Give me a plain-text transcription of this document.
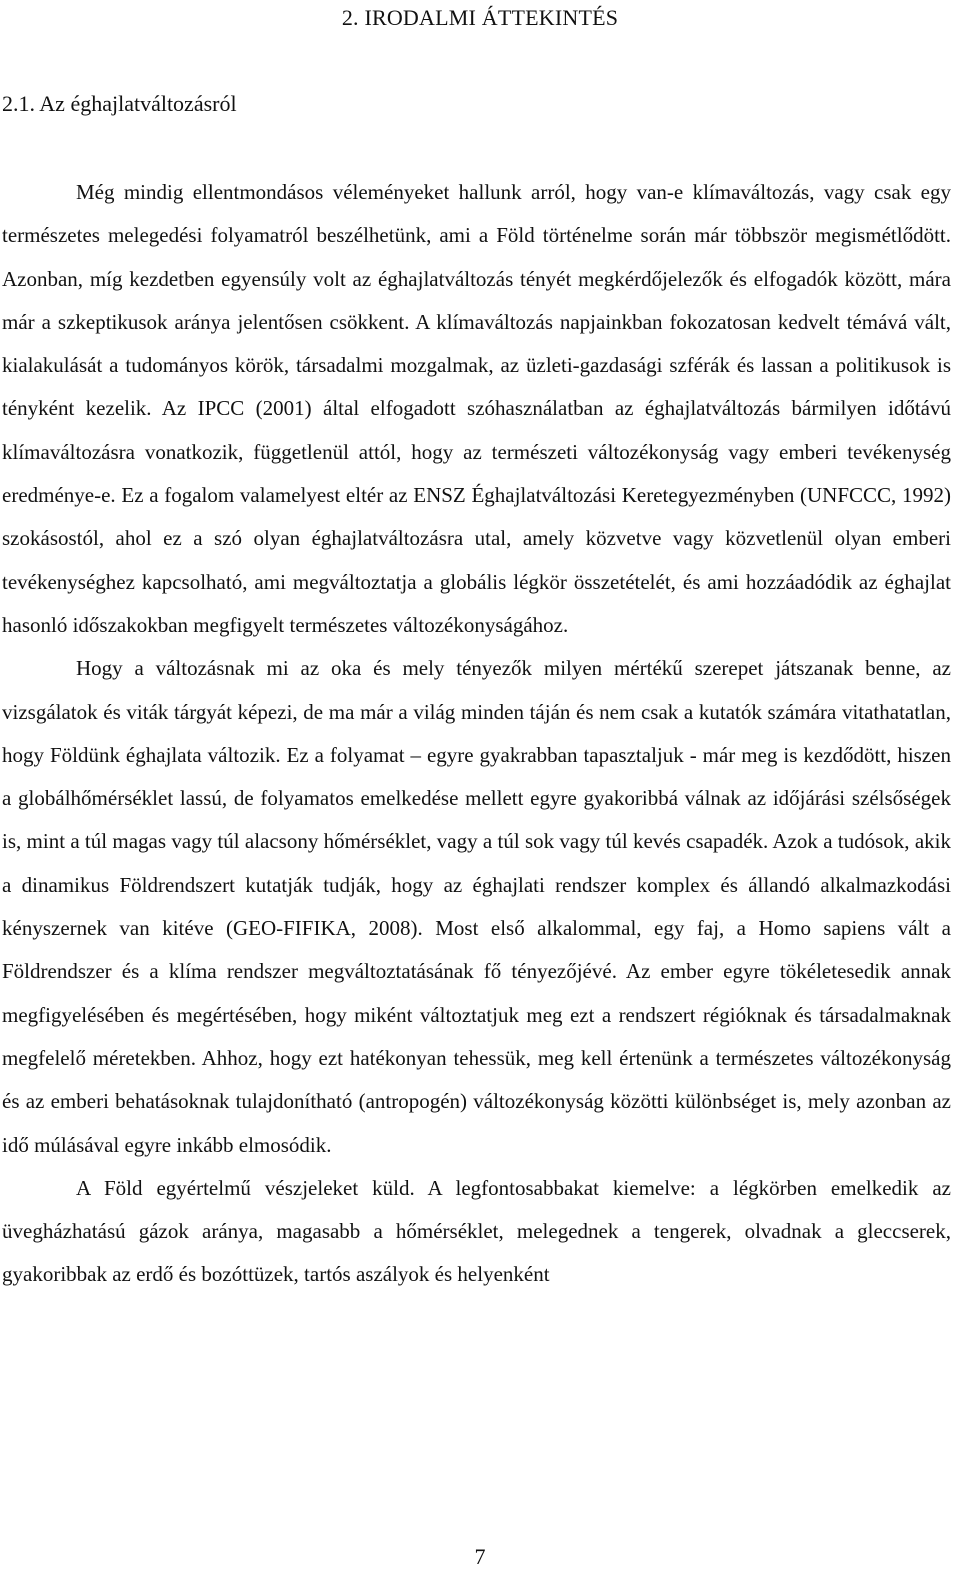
2. IRODALMI ÁTTEKINTÉS
2.1. Az éghajlatváltozásról

Még mindig ellentmondásos véleményeket hallunk arról, hogy van-e klímaváltozás, vagy csak egy természetes melegedési folyamatról beszélhetünk, ami a Föld történelme során már többször megismétlődött. Azonban, míg kezdetben egyensúly volt az éghajlatváltozás tényét megkérdőjelezők és elfogadók között, mára már a szkeptikusok aránya jelentősen csökkent. A klímaváltozás napjainkban fokozatosan kedvelt témává vált, kialakulását a tudományos körök, társadalmi mozgalmak, az üzleti-gazdasági szférák és lassan a politikusok is tényként kezelik. Az IPCC (2001) által elfogadott szóhasználatban az éghajlatváltozás bármilyen időtávú klímaváltozásra vonatkozik, függetlenül attól, hogy az természeti változékonyság vagy emberi tevékenység eredménye-e. Ez a fogalom valamelyest eltér az ENSZ Éghajlatváltozási Keretegyezményben (UNFCCC, 1992) szokásostól, ahol ez a szó olyan éghajlatváltozásra utal, amely közvetve vagy közvetlenül olyan emberi tevékenységhez kapcsolható, ami megváltoztatja a globális légkör összetételét, és ami hozzáadódik az éghajlat hasonló időszakokban megfigyelt természetes változékonyságához.

Hogy a változásnak mi az oka és mely tényezők milyen mértékű szerepet játszanak benne, az vizsgálatok és viták tárgyát képezi, de ma már a világ minden táján és nem csak a kutatók számára vitathatatlan, hogy Földünk éghajlata változik. Ez a folyamat – egyre gyakrabban tapasztaljuk - már meg is kezdődött, hiszen a globálhőmérséklet lassú, de folyamatos emelkedése mellett egyre gyakoribbá válnak az időjárási szélsőségek is, mint a túl magas vagy túl alacsony hőmérséklet, vagy a túl sok vagy túl kevés csapadék. Azok a tudósok, akik a dinamikus Földrendszert kutatják tudják, hogy az éghajlati rendszer komplex és állandó alkalmazkodási kényszernek van kitéve (GEO-FIFIKA, 2008). Most első alkalommal, egy faj, a Homo sapiens vált a Földrendszer és a klíma rendszer megváltoztatásának fő tényezőjévé. Az ember egyre tökéletesedik annak megfigyelésében és megértésében, hogy miként változtatjuk meg ezt a rendszert régióknak és társadalmaknak megfelelő méretekben. Ahhoz, hogy ezt hatékonyan tehessük, meg kell értenünk a természetes változékonyság és az emberi behatásoknak tulajdonítható (antropogén) változékonyság közötti különbséget is, mely azonban az idő múlásával egyre inkább elmosódik.

A Föld egyértelmű vészjeleket küld. A legfontosabbakat kiemelve: a légkörben emelkedik az üvegházhatású gázok aránya, magasabb a hőmérséklet, melegednek a tengerek, olvadnak a gleccserek, gyakoribbak az erdő és bozóttüzek, tartós aszályok és helyenként

7
